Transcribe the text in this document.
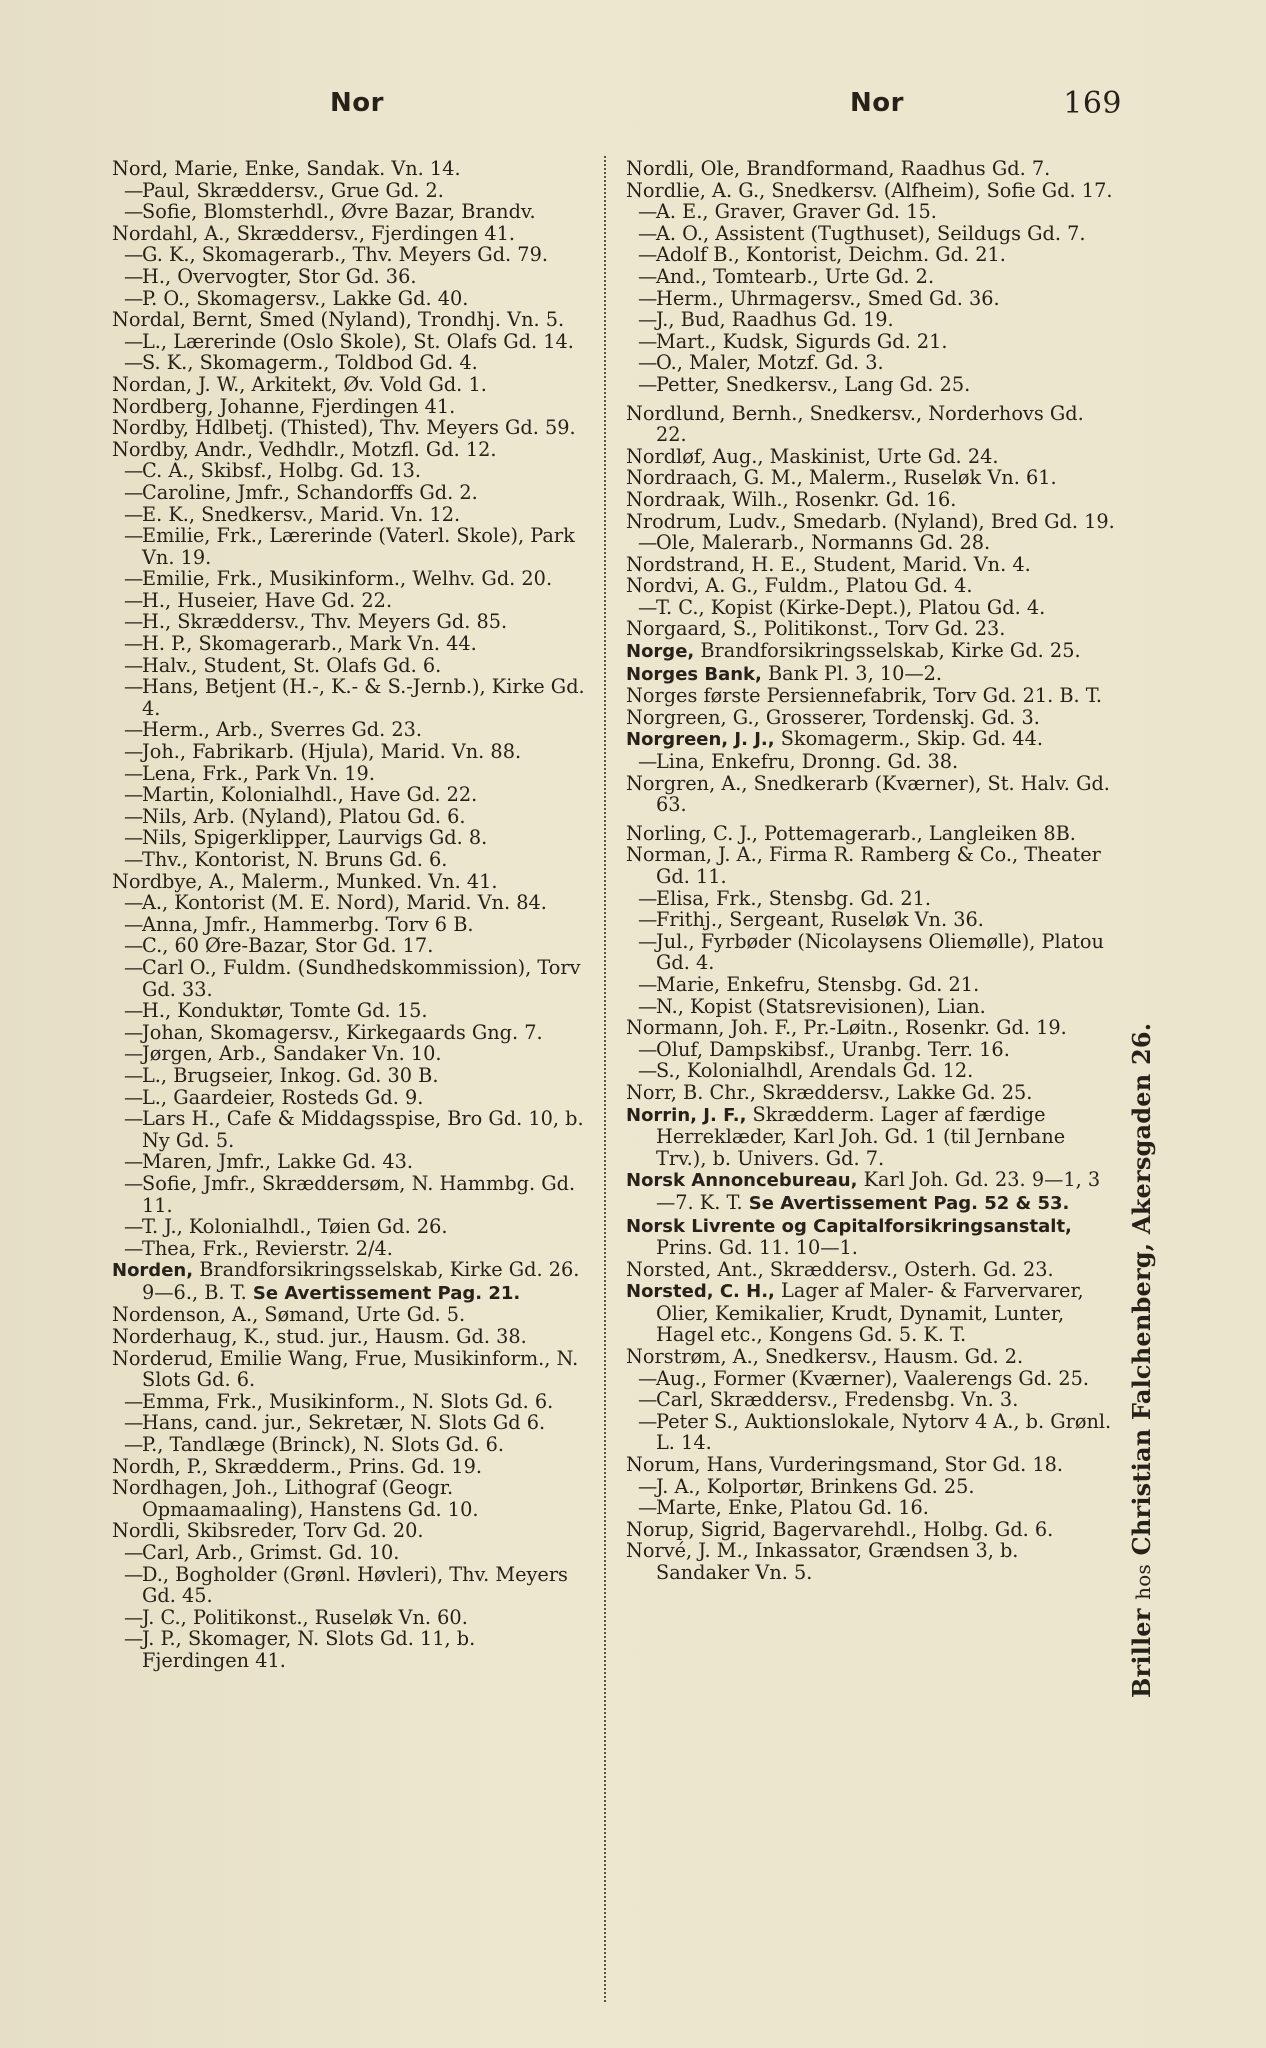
Nor	Nor	169

Nord, Marie, Enke, Sandak. Vn. 14.

—Paul, Skræddersv., Grue Gd. 2.

—Sofie, Blomsterhdl., Øvre Bazar, Brandv.

Nordahl, A., Skræddersv., Fjerdingen 41.

—G. K., Skomagerarb., Thv. Meyers Gd. 79.

—H., Overvogter, Stor Gd. 36.

—P. O., Skomagersv., Lakke Gd. 40.

Nordal, Bernt, Smed (Nyland), Trondhj. Vn. 5.

—L., Lærerinde (Oslo Skole), St. Olafs Gd. 14.

—S. K., Skomagerm., Toldbod Gd. 4.

Nordan, J. W., Arkitekt, Øv. Vold Gd. 1.

Nordberg, Johanne, Fjerdingen 41.

Nordby, Hdlbetj. (Thisted), Thv. Meyers Gd. 59.

Nordby, Andr., Vedhdlr., Motzfl. Gd. 12.

—C. A., Skibsf., Holbg. Gd. 13.

—Caroline, Jmfr., Schandorffs Gd. 2.

—E. K., Snedkersv., Marid. Vn. 12.

—Emilie, Frk., Lærerinde (Vaterl. Skole), Park Vn. 19.

—Emilie, Frk., Musikinform., Welhv. Gd. 20.

—H., Huseier, Have Gd. 22.

—H., Skræddersv., Thv. Meyers Gd. 85.

—H. P., Skomagerarb., Mark Vn. 44.

—Halv., Student, St. Olafs Gd. 6.

—Hans, Betjent (H.-, K.- & S.-Jernb.), Kirke Gd. 4.

—Herm., Arb., Sverres Gd. 23.

—Joh., Fabrikarb. (Hjula), Marid. Vn. 88.

—Lena, Frk., Park Vn. 19.

—Martin, Kolonialhdl., Have Gd. 22.

—Nils, Arb. (Nyland), Platou Gd. 6.

—Nils, Spigerklipper, Laurvigs Gd. 8.

—Thv., Kontorist, N. Bruns Gd. 6.

Nordbye, A., Malerm., Munked. Vn. 41.

—A., Kontorist (M. E. Nord), Marid. Vn. 84.

—Anna, Jmfr., Hammerbg. Torv 6 B.

—C., 60 Øre-Bazar, Stor Gd. 17.

—Carl O., Fuldm. (Sundhedskommission), Torv Gd. 33.

—H., Konduktør, Tomte Gd. 15.

—Johan, Skomagersv., Kirkegaards Gng. 7.

—Jørgen, Arb., Sandaker Vn. 10.

—L., Brugseier, Inkog. Gd. 30 B.

—L., Gaardeier, Rosteds Gd. 9.

—Lars H., Cafe & Middagsspise, Bro Gd. 10, b. Ny Gd. 5.

—Maren, Jmfr., Lakke Gd. 43.

—Sofie, Jmfr., Skræddersøm, N. Hammbg. Gd. 11.

—T. J., Kolonialhdl., Tøien Gd. 26.

—Thea, Frk., Revierstr. 2/4.

Norden, Brandforsikringsselskab, Kirke Gd. 26. 9—6., B. T. Se Avertissement Pag. 21.

Nordenson, A., Sømand, Urte Gd. 5.

Norderhaug, K., stud. jur., Hausm. Gd. 38.

Norderud, Emilie Wang, Frue, Musikinform., N. Slots Gd. 6.

—Emma, Frk., Musikinform., N. Slots Gd. 6.

—Hans, cand. jur., Sekretær, N. Slots Gd 6.

—P., Tandlæge (Brinck), N. Slots Gd. 6.

Nordh, P., Skrædderm., Prins. Gd. 19.

Nordhagen, Joh., Lithograf (Geogr. Opmaamaaling), Hanstens Gd. 10.

Nordli, Skibsreder, Torv Gd. 20.

—Carl, Arb., Grimst. Gd. 10.

—D., Bogholder (Grønl. Høvleri), Thv. Meyers Gd. 45.

—J. C., Politikonst., Ruseløk Vn. 60.

—J. P., Skomager, N. Slots Gd. 11, b. Fjerdingen 41.

Nordli, Ole, Brandformand, Raadhus Gd. 7.

Nordlie, A. G., Snedkersv. (Alfheim), Sofie Gd. 17.

—A. E., Graver, Graver Gd. 15.

—A. O., Assistent (Tugthuset), Seildugs Gd. 7.

—Adolf B., Kontorist, Deichm. Gd. 21.

—And., Tomtearb., Urte Gd. 2.

—Herm., Uhrmagersv., Smed Gd. 36.

—J., Bud, Raadhus Gd. 19.

—Mart., Kudsk, Sigurds Gd. 21.

—O., Maler, Motzf. Gd. 3.

—Petter, Snedkersv., Lang Gd. 25.

Nordlund, Bernh., Snedkersv., Norderhovs Gd. 22.

Nordløf, Aug., Maskinist, Urte Gd. 24.

Nordraach, G. M., Malerm., Ruseløk Vn. 61.

Nordraak, Wilh., Rosenkr. Gd. 16.

Nrodrum, Ludv., Smedarb. (Nyland), Bred Gd. 19.

—Ole, Malerarb., Normanns Gd. 28.

Nordstrand, H. E., Student, Marid. Vn. 4.

Nordvi, A. G., Fuldm., Platou Gd. 4.

—T. C., Kopist (Kirke-Dept.), Platou Gd. 4.

Norgaard, S., Politikonst., Torv Gd. 23.

Norge, Brandforsikringsselskab, Kirke Gd. 25.

Norges Bank, Bank Pl. 3, 10—2.

Norges første Persiennefabrik, Torv Gd. 21. B. T.

Norgreen, G., Grosserer, Tordenskj. Gd. 3.

Norgreen, J. J., Skomagerm., Skip. Gd. 44.

—Lina, Enkefru, Dronng. Gd. 38.

Norgren, A., Snedkerarb (Kværner), St. Halv. Gd. 63.

Norling, C. J., Pottemagerarb., Langleiken 8B.

Norman, J. A., Firma R. Ramberg & Co., Theater Gd. 11.

—Elisa, Frk., Stensbg. Gd. 21.

—Frithj., Sergeant, Ruseløk Vn. 36.

—Jul., Fyrbøder (Nicolaysens Oliemølle), Platou Gd. 4.

—Marie, Enkefru, Stensbg. Gd. 21.

—N., Kopist (Statsrevisionen), Lian.

Normann, Joh. F., Pr.-Løitn., Rosenkr. Gd. 19.

—Oluf, Dampskibsf., Uranbg. Terr. 16.

—S., Kolonialhdl, Arendals Gd. 12.

Norr, B. Chr., Skræddersv., Lakke Gd. 25.

Norrin, J. F., Skrædderm. Lager af færdige Herreklæder, Karl Joh. Gd. 1 (til Jernbane Trv.), b. Univers. Gd. 7.

Norsk Annoncebureau, Karl Joh. Gd. 23. 9—1, 3—7. K. T. Se Avertissement Pag. 52 & 53.

Norsk Livrente og Capitalforsikringsanstalt, Prins. Gd. 11. 10—1.

Norsted, Ant., Skræddersv., Osterh. Gd. 23.

Norsted, C. H., Lager af Maler- & Farvervarer, Olier, Kemikalier, Krudt, Dynamit, Lunter, Hagel etc., Kongens Gd. 5. K. T.

Norstrøm, A., Snedkersv., Hausm. Gd. 2.

—Aug., Former (Kværner), Vaalerengs Gd. 25.

—Carl, Skræddersv., Fredensbg. Vn. 3.

—Peter S., Auktionslokale, Nytorv 4 A., b. Grønl. L. 14.

Norum, Hans, Vurderingsmand, Stor Gd. 18.

—J. A., Kolportør, Brinkens Gd. 25.

—Marte, Enke, Platou Gd. 16.

Norup, Sigrid, Bagervarehdl., Holbg. Gd. 6.

Norvé, J. M., Inkassator, Grændsen 3, b. Sandaker Vn. 5.

Briller hos Christian Falchenberg, Akersgaden 26.
